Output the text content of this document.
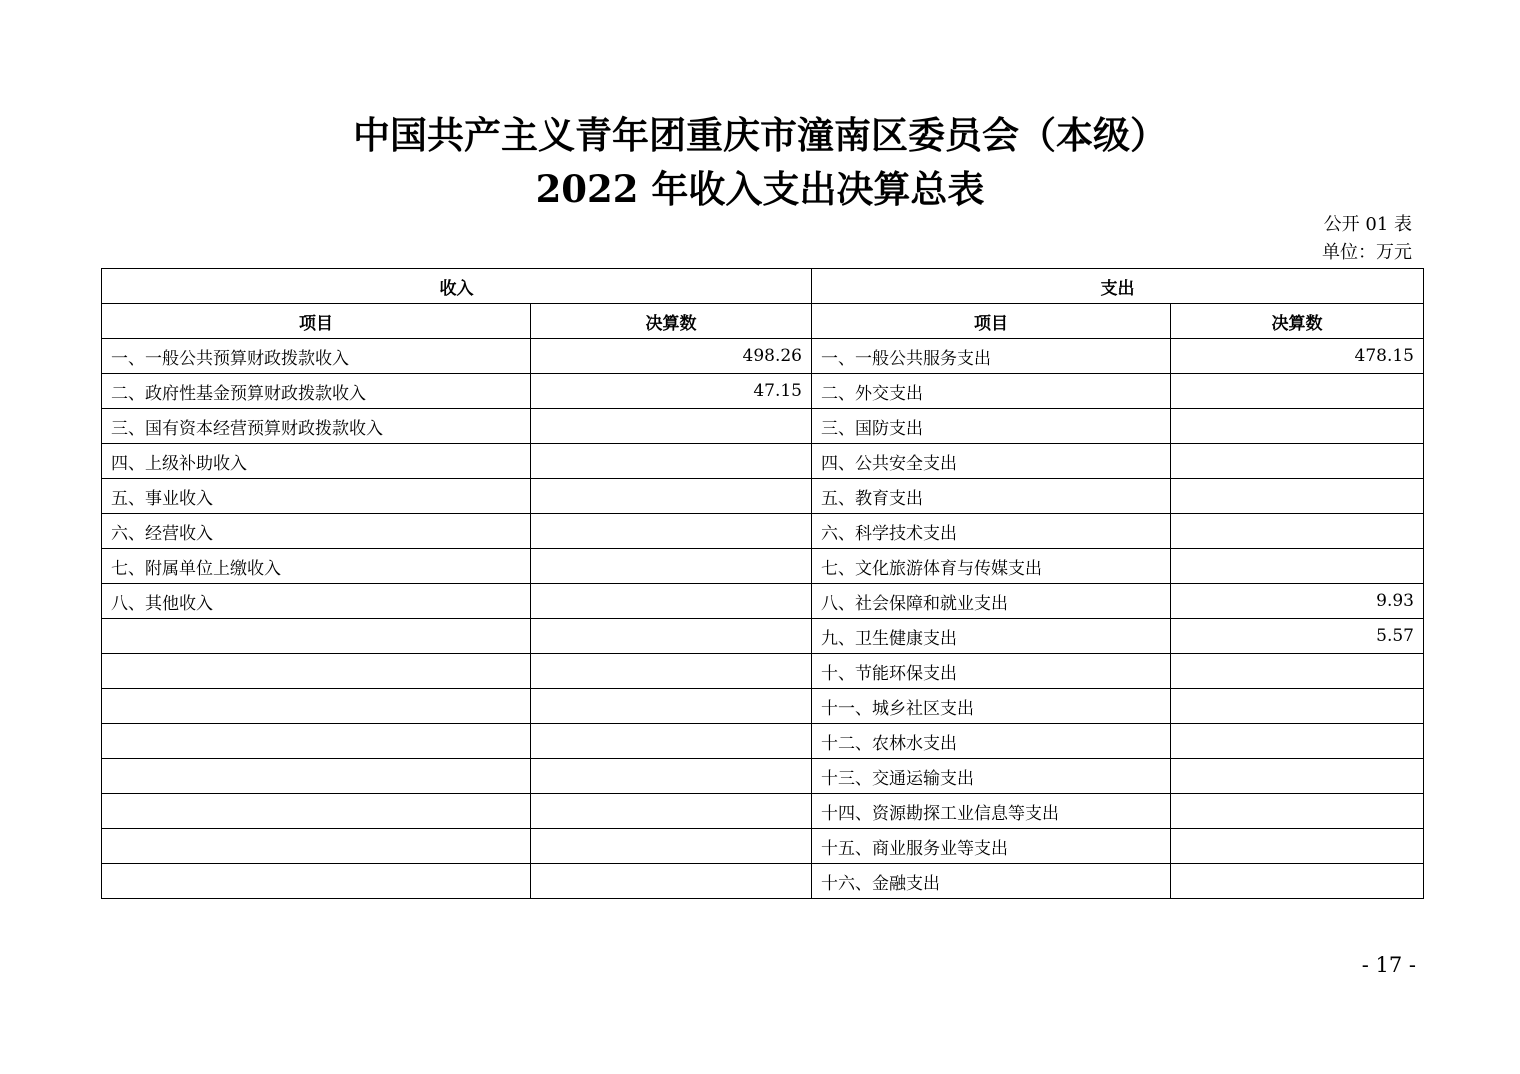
中国共产主义青年团重庆市潼南区委员会（本级）
2022 年收入支出决算总表
公开 01 表
单位：万元
收入		支出	
项目	决算数	项目	决算数
一、一般公共预算财政拨款收入	498.26	一、一般公共服务支出	478.15
二、政府性基金预算财政拨款收入	47.15	二、外交支出	
三、国有资本经营预算财政拨款收入		三、国防支出	
四、上级补助收入		四、公共安全支出	
五、事业收入		五、教育支出	
六、经营收入		六、科学技术支出	
七、附属单位上缴收入		七、文化旅游体育与传媒支出	
八、其他收入		八、社会保障和就业支出	9.93
		九、卫生健康支出	5.57
		十、节能环保支出	
		十一、城乡社区支出	
		十二、农林水支出	
		十三、交通运输支出	
		十四、资源勘探工业信息等支出	
		十五、商业服务业等支出	
		十六、金融支出	
- 17 -
